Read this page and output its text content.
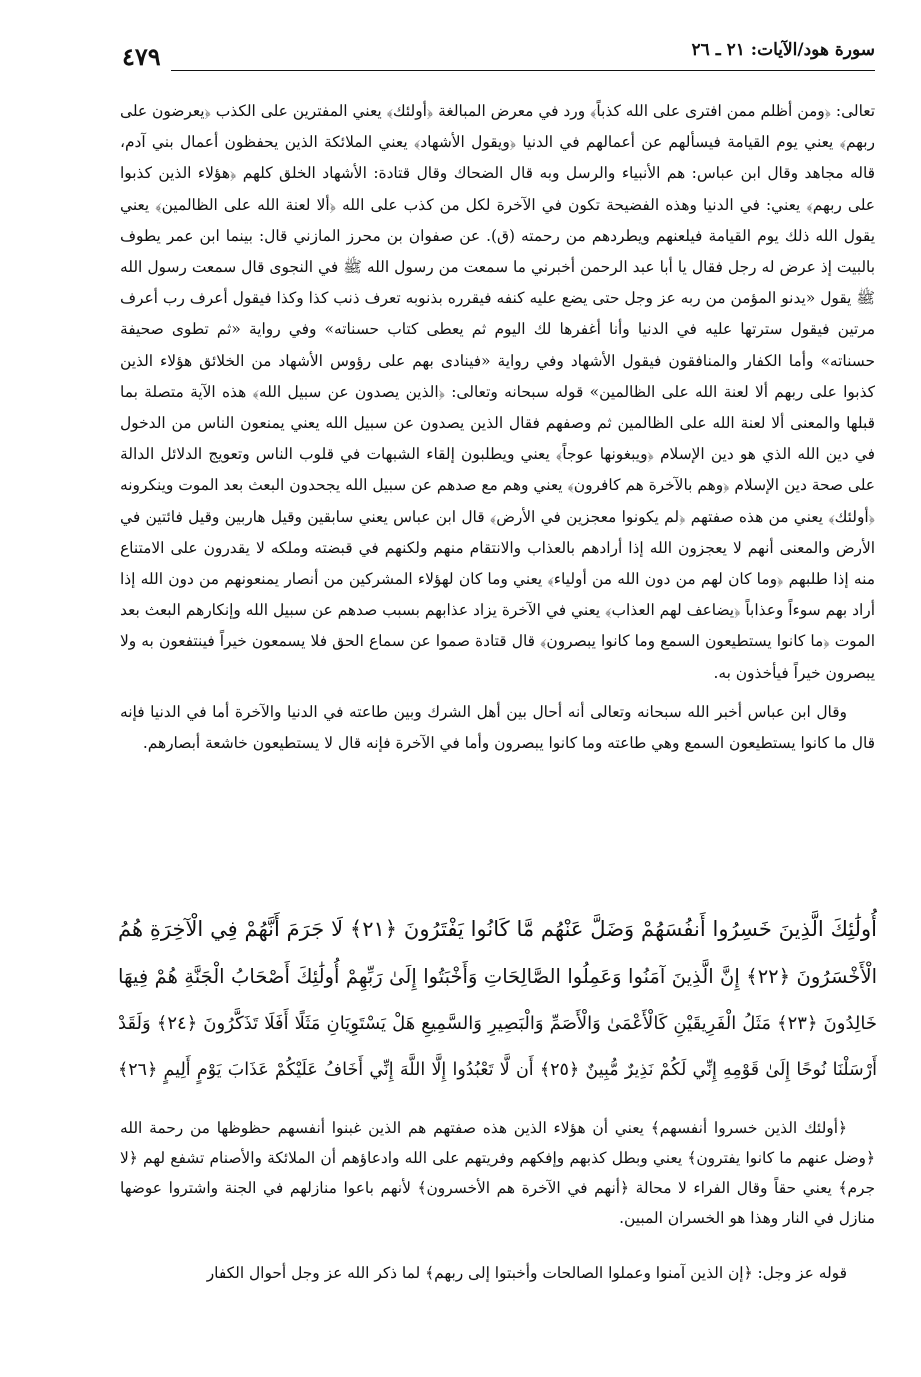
سورة هود/الآيات: ٢١ ـ ٢٦
٤٧٩

تعالى: ﴿ومن أظلم ممن افترى على الله كذباً﴾ ورد في معرض المبالغة ﴿أولئك﴾ يعني المفترين على الكذب ﴿يعرضون على ربهم﴾ يعني يوم القيامة فيسألهم عن أعمالهم في الدنيا ﴿ويقول الأشهاد﴾ يعني الملائكة الذين يحفظون أعمال بني آدم، قاله مجاهد وقال ابن عباس: هم الأنبياء والرسل وبه قال الضحاك وقال قتادة: الأشهاد الخلق كلهم ﴿هؤلاء الذين كذبوا على ربهم﴾ يعني: في الدنيا وهذه الفضيحة تكون في الآخرة لكل من كذب على الله ﴿ألا لعنة الله على الظالمين﴾ يعني يقول الله ذلك يوم القيامة فيلعنهم ويطردهم من رحمته (ق). عن صفوان بن محرز المازني قال: بينما ابن عمر يطوف بالبيت إذ عرض له رجل فقال يا أبا عبد الرحمن أخبرني ما سمعت من رسول الله ﷺ في النجوى قال سمعت رسول الله ﷺ يقول «يدنو المؤمن من ربه عز وجل حتى يضع عليه كنفه فيقرره بذنوبه تعرف ذنب كذا وكذا فيقول أعرف رب أعرف مرتين فيقول سترتها عليه في الدنيا وأنا أغفرها لك اليوم ثم يعطى كتاب حسناته» وفي رواية «ثم تطوى صحيفة حسناته» وأما الكفار والمنافقون فيقول الأشهاد وفي رواية «فينادى بهم على رؤوس الأشهاد من الخلائق هؤلاء الذين كذبوا على ربهم ألا لعنة الله على الظالمين» قوله سبحانه وتعالى: ﴿الذين يصدون عن سبيل الله﴾ هذه الآية متصلة بما قبلها والمعنى ألا لعنة الله على الظالمين ثم وصفهم فقال الذين يصدون عن سبيل الله يعني يمنعون الناس من الدخول في دين الله الذي هو دين الإسلام ﴿ويبغونها عوجاً﴾ يعني ويطلبون إلقاء الشبهات في قلوب الناس وتعويج الدلائل الدالة على صحة دين الإسلام ﴿وهم بالآخرة هم كافرون﴾ يعني وهم مع صدهم عن سبيل الله يجحدون البعث بعد الموت وينكرونه ﴿أولئك﴾ يعني من هذه صفتهم ﴿لم يكونوا معجزين في الأرض﴾ قال ابن عباس يعني سابقين وقيل هاربين وقيل فائتين في الأرض والمعنى أنهم لا يعجزون الله إذا أرادهم بالعذاب والانتقام منهم ولكنهم في قبضته وملكه لا يقدرون على الامتناع منه إذا طلبهم ﴿وما كان لهم من دون الله من أولياء﴾ يعني وما كان لهؤلاء المشركين من أنصار يمنعونهم من دون الله إذا أراد بهم سوءاً وعذاباً ﴿يضاعف لهم العذاب﴾ يعني في الآخرة يزاد عذابهم بسبب صدهم عن سبيل الله وإنكارهم البعث بعد الموت ﴿ما كانوا يستطيعون السمع وما كانوا يبصرون﴾ قال قتادة صموا عن سماع الحق فلا يسمعون خيراً فينتفعون به ولا يبصرون خيراً فيأخذون به.

وقال ابن عباس أخبر الله سبحانه وتعالى أنه أحال بين أهل الشرك وبين طاعته في الدنيا والآخرة أما في الدنيا فإنه قال ما كانوا يستطيعون السمع وهي طاعته وما كانوا يبصرون وأما في الآخرة فإنه قال لا يستطيعون خاشعة أبصارهم.

أُولَٰئِكَ الَّذِينَ خَسِرُوا أَنفُسَهُمْ وَضَلَّ عَنْهُم مَّا كَانُوا يَفْتَرُونَ ﴿٢١﴾ لَا جَرَمَ أَنَّهُمْ فِي الْآخِرَةِ هُمُ
الْأَخْسَرُونَ ﴿٢٢﴾ إِنَّ الَّذِينَ آمَنُوا وَعَمِلُوا الصَّالِحَاتِ وَأَخْبَتُوا إِلَىٰ رَبِّهِمْ أُولَٰئِكَ أَصْحَابُ الْجَنَّةِ هُمْ فِيهَا
خَالِدُونَ ﴿٢٣﴾ مَثَلُ الْفَرِيقَيْنِ كَالْأَعْمَىٰ وَالْأَصَمِّ وَالْبَصِيرِ وَالسَّمِيعِ هَلْ يَسْتَوِيَانِ مَثَلًا أَفَلَا تَذَكَّرُونَ ﴿٢٤﴾ وَلَقَدْ
أَرْسَلْنَا نُوحًا إِلَىٰ قَوْمِهِ إِنِّي لَكُمْ نَذِيرٌ مُّبِينٌ ﴿٢٥﴾ أَن لَّا تَعْبُدُوا إِلَّا اللَّهَ إِنِّي أَخَافُ عَلَيْكُمْ عَذَابَ يَوْمٍ أَلِيمٍ ﴿٢٦﴾

﴿أولئك الذين خسروا أنفسهم﴾ يعني أن هؤلاء الذين هذه صفتهم هم الذين غبنوا أنفسهم حظوظها من رحمة الله ﴿وضل عنهم ما كانوا يفترون﴾ يعني وبطل كذبهم وإفكهم وفريتهم على الله وادعاؤهم أن الملائكة والأصنام تشفع لهم ﴿لا جرم﴾ يعني حقاً وقال الفراء لا محالة ﴿أنهم في الآخرة هم الأخسرون﴾ لأنهم باعوا منازلهم في الجنة واشتروا عوضها منازل في النار وهذا هو الخسران المبين.

قوله عز وجل: ﴿إن الذين آمنوا وعملوا الصالحات وأخبتوا إلى ربهم﴾ لما ذكر الله عز وجل أحوال الكفار
